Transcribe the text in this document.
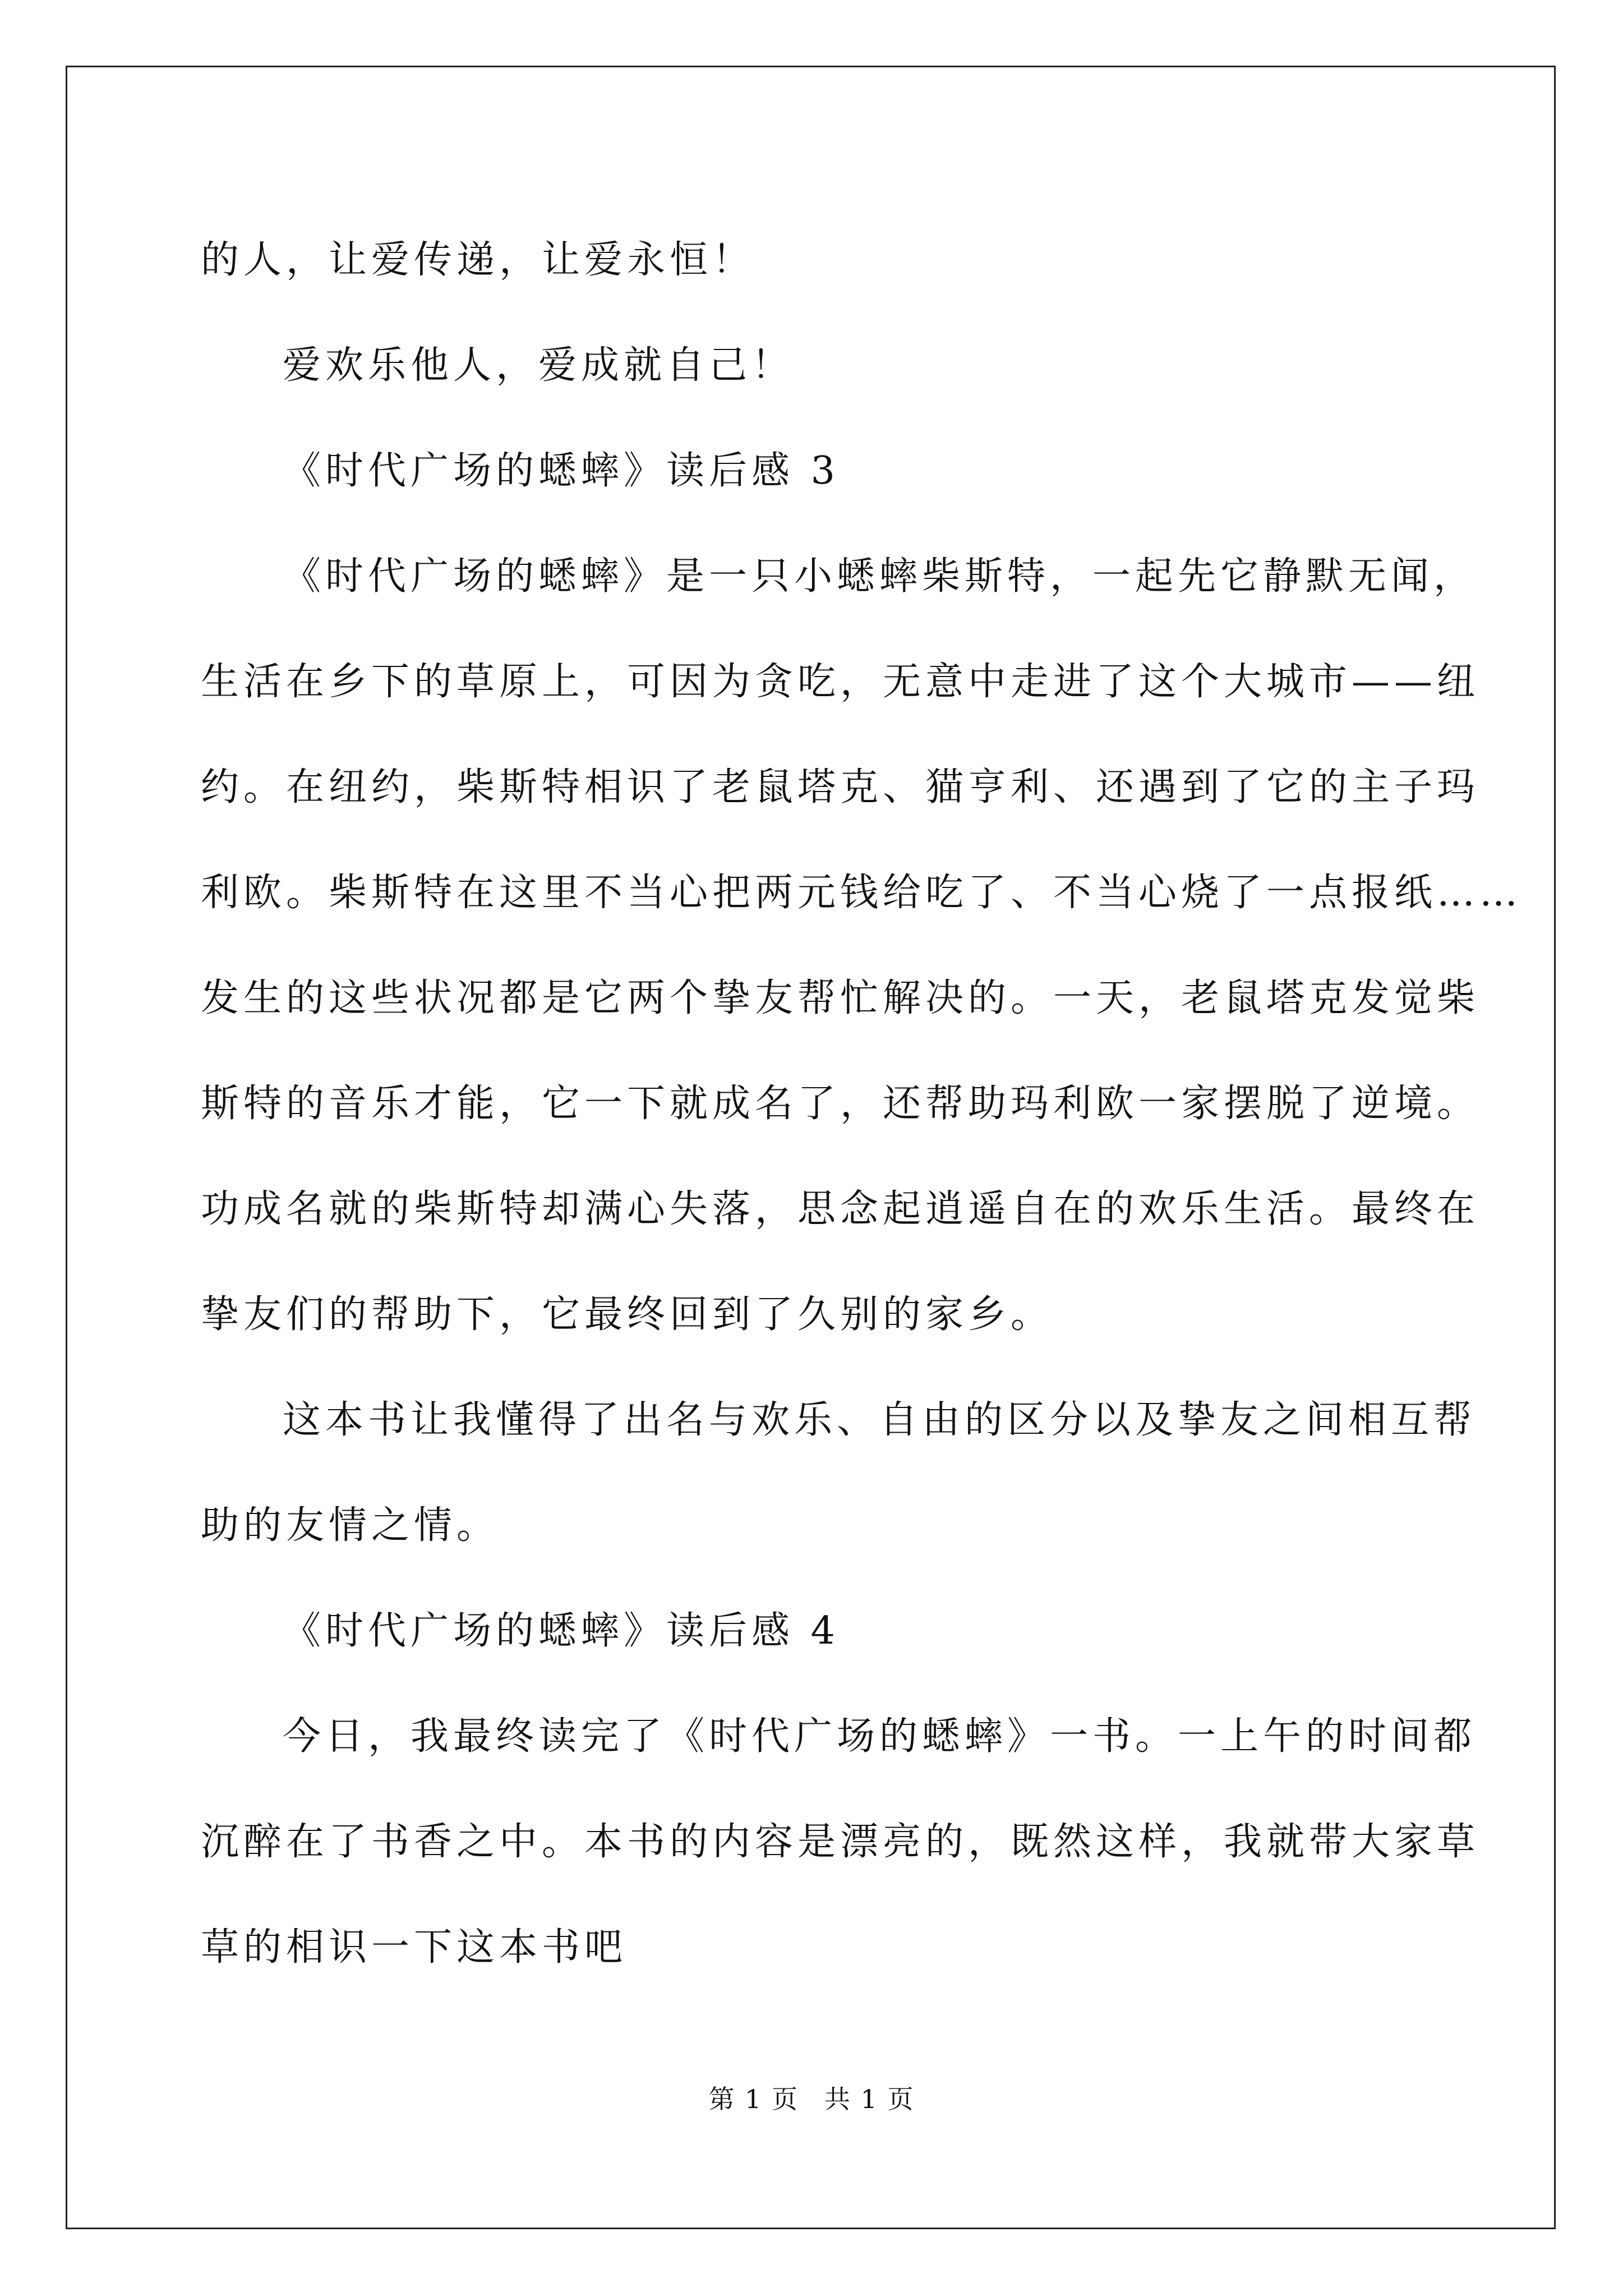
的人，让爱传递，让爱永恒！

爱欢乐他人，爱成就自己！

《时代广场的蟋蟀》读后感 3

《时代广场的蟋蟀》是一只小蟋蟀柴斯特，一起先它静默无闻，

生活在乡下的草原上，可因为贪吃，无意中走进了这个大城市——纽

约。在纽约，柴斯特相识了老鼠塔克、猫亨利、还遇到了它的主子玛

利欧。柴斯特在这里不当心把两元钱给吃了、不当心烧了一点报纸……

发生的这些状况都是它两个挚友帮忙解决的。一天，老鼠塔克发觉柴

斯特的音乐才能，它一下就成名了，还帮助玛利欧一家摆脱了逆境。

功成名就的柴斯特却满心失落，思念起逍遥自在的欢乐生活。最终在

挚友们的帮助下，它最终回到了久别的家乡。

这本书让我懂得了出名与欢乐、自由的区分以及挚友之间相互帮

助的友情之情。

《时代广场的蟋蟀》读后感 4

今日，我最终读完了《时代广场的蟋蟀》一书。一上午的时间都

沉醉在了书香之中。本书的内容是漂亮的，既然这样，我就带大家草

草的相识一下这本书吧

第 1 页 共 1 页
